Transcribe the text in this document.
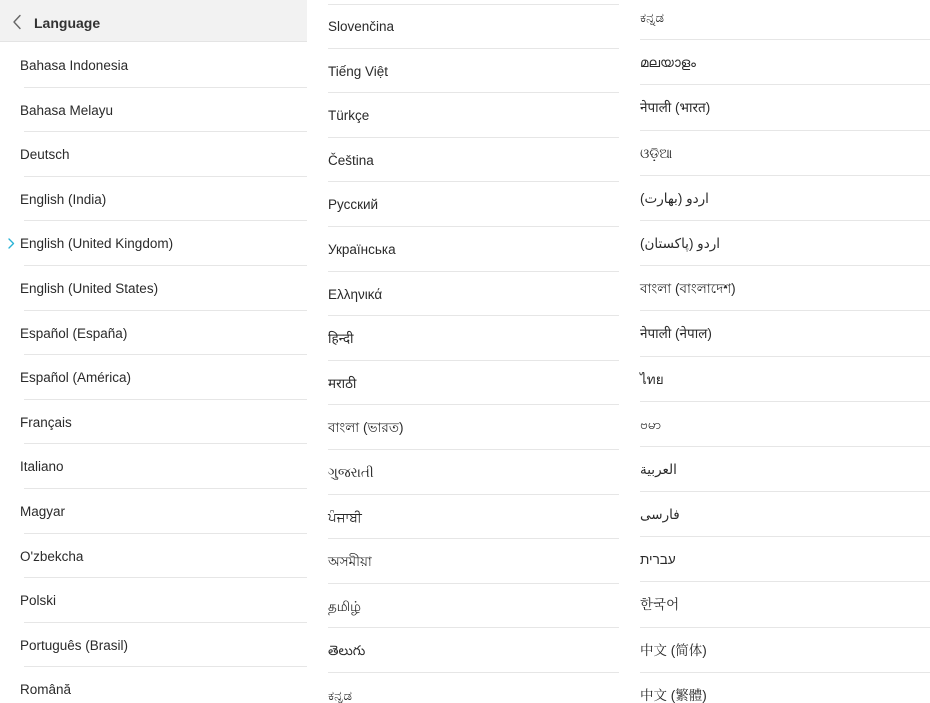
Language
Bahasa Indonesia
Bahasa Melayu
Deutsch
English (India)
English (United Kingdom)
English (United States)
Español (España)
Español (América)
Français
Italiano
Magyar
O'zbekcha
Polski
Português (Brasil)
Română
Slovenčina
Tiếng Việt
Türkçe
Čeština
Русский
Українська
Ελληνικά
हिन्दी
मराठी
বাংলা (ভারত)
ગુજરાતી
ਪੰਜਾਬੀ
অসমীয়া
தமிழ்
తెలుగు
ಕನ್ನಡ
ಕನ್ನಡ
മലയാളം
नेपाली (भारत)
ଓଡ଼ିଆ
اردو (بھارت)
اردو (پاکستان)
বাংলা (বাংলাদেশ)
नेपाली (नेपाल)
ไทย
ဗမာ
العربية
فارسی
עברית
한국어
中文 (简体)
中文 (繁體)
